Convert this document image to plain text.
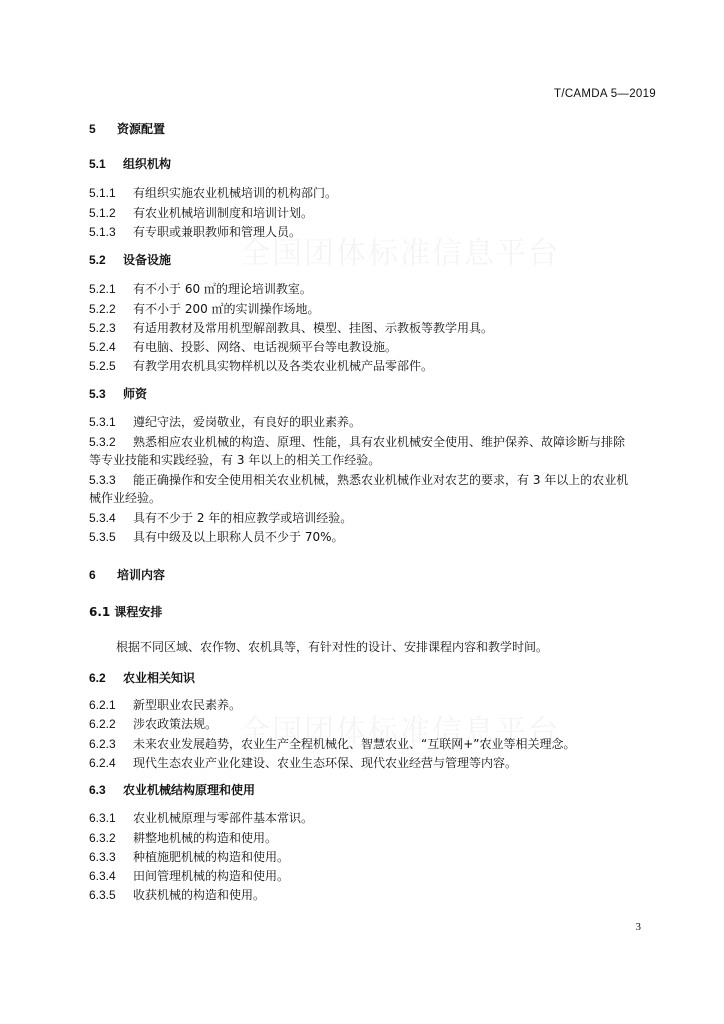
T/CAMDA 5—2019
5 资源配置
5.1 组织机构
5.1.1 有组织实施农业机械培训的机构部门。
5.1.2 有农业机械培训制度和培训计划。
5.1.3 有专职或兼职教师和管理人员。
5.2 设备设施
5.2.1 有不小于 60 ㎡的理论培训教室。
5.2.2 有不小于 200 ㎡的实训操作场地。
5.2.3 有适用教材及常用机型解剖教具、模型、挂图、示教板等教学用具。
5.2.4 有电脑、投影、网络、电话视频平台等电教设施。
5.2.5 有教学用农机具实物样机以及各类农业机械产品零部件。
5.3 师资
5.3.1 遵纪守法，爱岗敬业，有良好的职业素养。
5.3.2 熟悉相应农业机械的构造、原理、性能，具有农业机械安全使用、维护保养、故障诊断与排除
等专业技能和实践经验，有 3 年以上的相关工作经验。
5.3.3 能正确操作和安全使用相关农业机械，熟悉农业机械作业对农艺的要求，有 3 年以上的农业机
械作业经验。
5.3.4 具有不少于 2 年的相应教学或培训经验。
5.3.5 具有中级及以上职称人员不少于 70%。
6 培训内容
6.1 课程安排
根据不同区域、农作物、农机具等，有针对性的设计、安排课程内容和教学时间。
6.2 农业相关知识
6.2.1 新型职业农民素养。
6.2.2 涉农政策法规。
6.2.3 未来农业发展趋势，农业生产全程机械化、智慧农业、“互联网+”农业等相关理念。
6.2.4 现代生态农业产业化建设、农业生态环保、现代农业经营与管理等内容。
6.3 农业机械结构原理和使用
6.3.1 农业机械原理与零部件基本常识。
6.3.2 耕整地机械的构造和使用。
6.3.3 种植施肥机械的构造和使用。
6.3.4 田间管理机械的构造和使用。
6.3.5 收获机械的构造和使用。
3
